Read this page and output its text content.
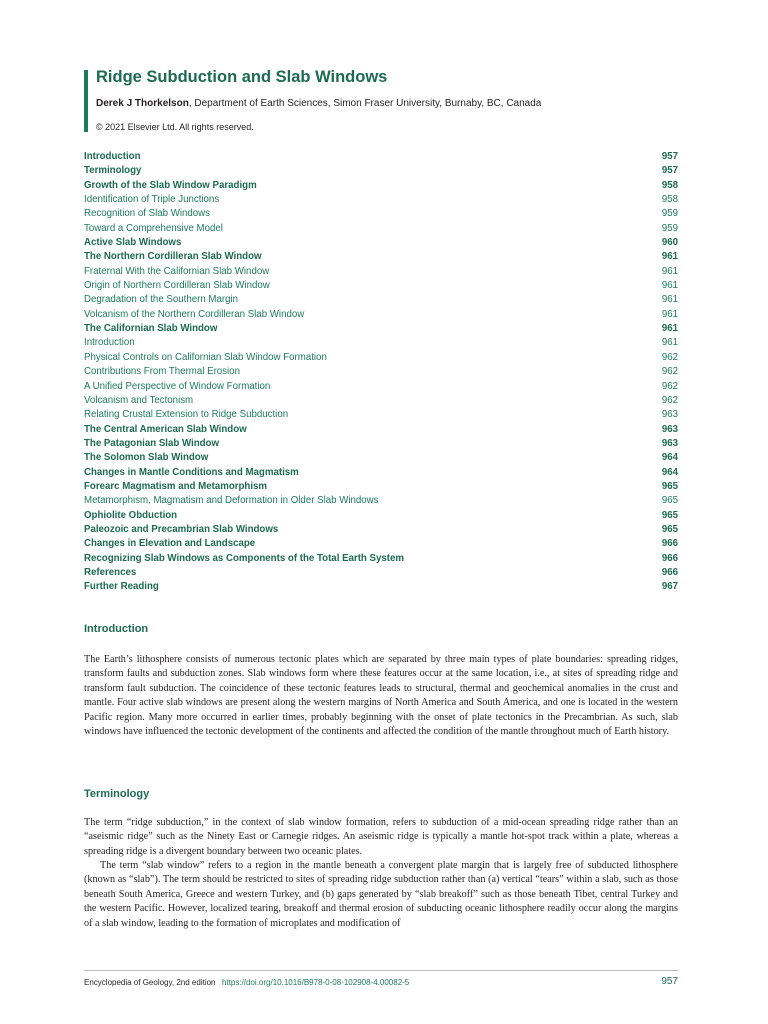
Ridge Subduction and Slab Windows
Derek J Thorkelson, Department of Earth Sciences, Simon Fraser University, Burnaby, BC, Canada
© 2021 Elsevier Ltd. All rights reserved.
Introduction	957
Terminology	957
Growth of the Slab Window Paradigm	958
Identification of Triple Junctions	958
Recognition of Slab Windows	959
Toward a Comprehensive Model	959
Active Slab Windows	960
The Northern Cordilleran Slab Window	961
Fraternal With the Californian Slab Window	961
Origin of Northern Cordilleran Slab Window	961
Degradation of the Southern Margin	961
Volcanism of the Northern Cordilleran Slab Window	961
The Californian Slab Window	961
Introduction	961
Physical Controls on Californian Slab Window Formation	962
Contributions From Thermal Erosion	962
A Unified Perspective of Window Formation	962
Volcanism and Tectonism	962
Relating Crustal Extension to Ridge Subduction	963
The Central American Slab Window	963
The Patagonian Slab Window	963
The Solomon Slab Window	964
Changes in Mantle Conditions and Magmatism	964
Forearc Magmatism and Metamorphism	965
Metamorphism, Magmatism and Deformation in Older Slab Windows	965
Ophiolite Obduction	965
Paleozoic and Precambrian Slab Windows	965
Changes in Elevation and Landscape	966
Recognizing Slab Windows as Components of the Total Earth System	966
References	966
Further Reading	967
Introduction

The Earth’s lithosphere consists of numerous tectonic plates which are separated by three main types of plate boundaries: spreading ridges, transform faults and subduction zones. Slab windows form where these features occur at the same location, i.e., at sites of spreading ridge and transform fault subduction. The coincidence of these tectonic features leads to structural, thermal and geochemical anomalies in the crust and mantle. Four active slab windows are present along the western margins of North America and South America, and one is located in the western Pacific region. Many more occurred in earlier times, probably beginning with the onset of plate tectonics in the Precambrian. As such, slab windows have influenced the tectonic development of the continents and affected the condition of the mantle throughout much of Earth history.

Terminology

The term “ridge subduction,” in the context of slab window formation, refers to subduction of a mid-ocean spreading ridge rather than an “aseismic ridge” such as the Ninety East or Carnegie ridges. An aseismic ridge is typically a mantle hot-spot track within a plate, whereas a spreading ridge is a divergent boundary between two oceanic plates.

The term “slab window” refers to a region in the mantle beneath a convergent plate margin that is largely free of subducted lithosphere (known as “slab”). The term should be restricted to sites of spreading ridge subduction rather than (a) vertical “tears” within a slab, such as those beneath South America, Greece and western Turkey, and (b) gaps generated by “slab breakoff” such as those beneath Tibet, central Turkey and the western Pacific. However, localized tearing, breakoff and thermal erosion of subducting oceanic lithosphere readily occur along the margins of a slab window, leading to the formation of microplates and modification of

Encyclopedia of Geology, 2nd edition https://doi.org/10.1016/B978-0-08-102908-4.00082-5	957
